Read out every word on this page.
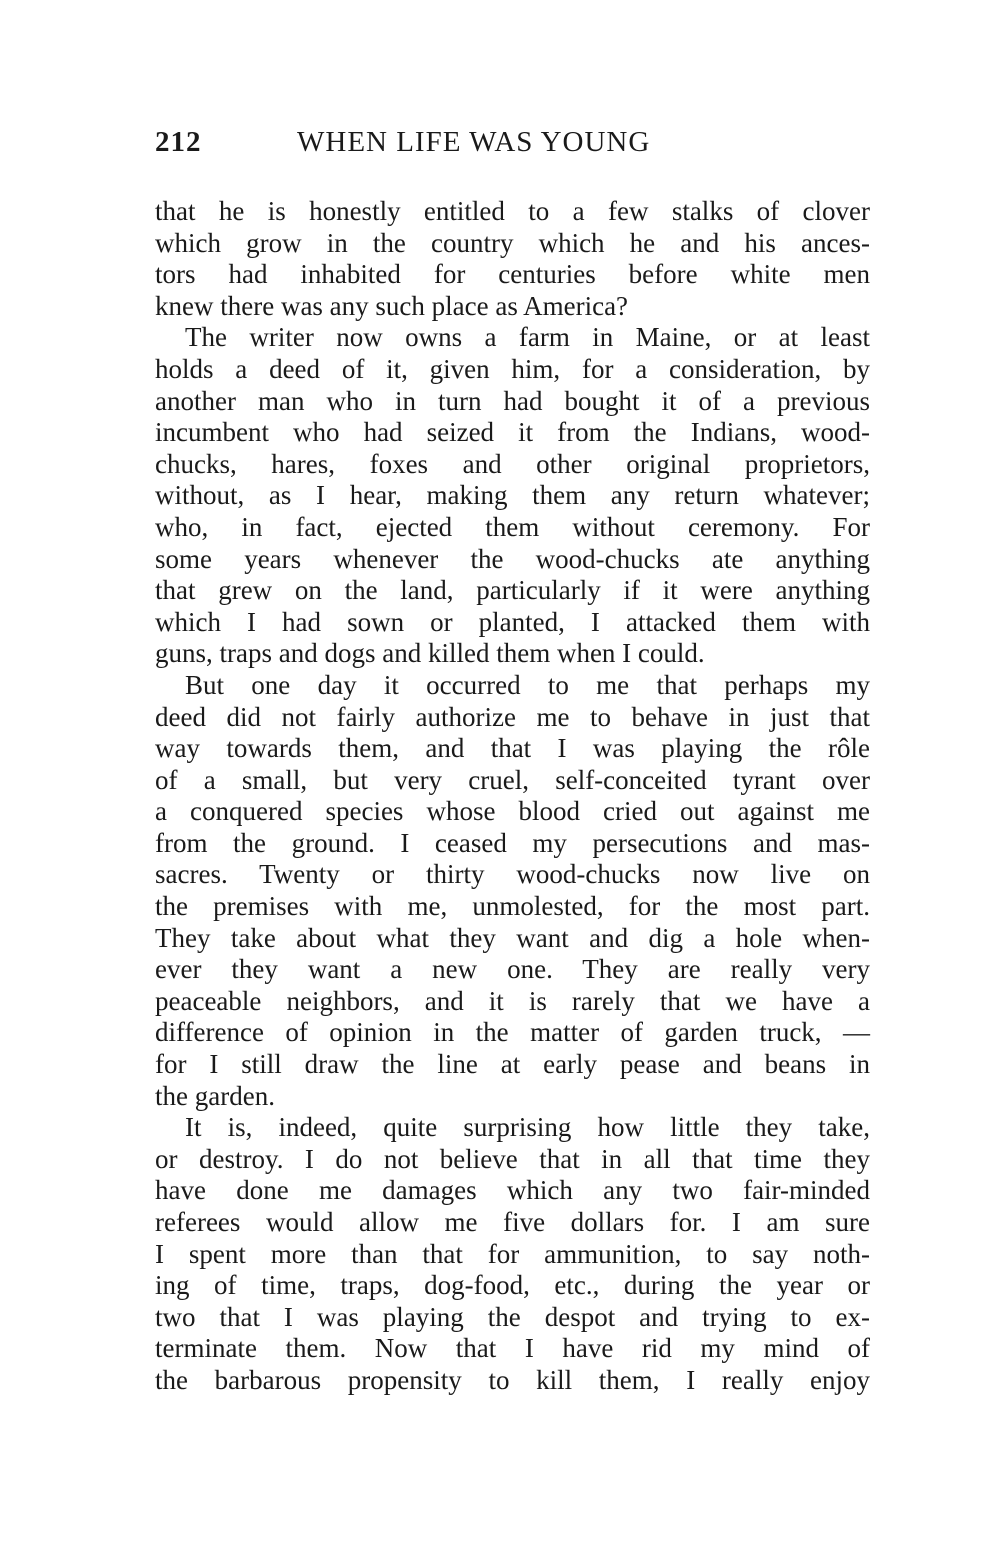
212	WHEN LIFE WAS YOUNG
that he is honestly entitled to a few stalks of clover
which grow in the country which he and his ances-
tors had inhabited for centuries before white men
knew there was any such place as America?
The writer now owns a farm in Maine, or at least
holds a deed of it, given him, for a consideration, by
another man who in turn had bought it of a previous
incumbent who had seized it from the Indians, wood-
chucks, hares, foxes and other original proprietors,
without, as I hear, making them any return whatever;
who, in fact, ejected them without ceremony. For
some years whenever the wood-chucks ate anything
that grew on the land, particularly if it were anything
which I had sown or planted, I attacked them with
guns, traps and dogs and killed them when I could.
But one day it occurred to me that perhaps my
deed did not fairly authorize me to behave in just that
way towards them, and that I was playing the rôle
of a small, but very cruel, self-conceited tyrant over
a conquered species whose blood cried out against me
from the ground. I ceased my persecutions and mas-
sacres. Twenty or thirty wood-chucks now live on
the premises with me, unmolested, for the most part.
They take about what they want and dig a hole when-
ever they want a new one. They are really very
peaceable neighbors, and it is rarely that we have a
difference of opinion in the matter of garden truck, —
for I still draw the line at early pease and beans in
the garden.
It is, indeed, quite surprising how little they take,
or destroy. I do not believe that in all that time they
have done me damages which any two fair-minded
referees would allow me five dollars for. I am sure
I spent more than that for ammunition, to say noth-
ing of time, traps, dog-food, etc., during the year or
two that I was playing the despot and trying to ex-
terminate them. Now that I have rid my mind of
the barbarous propensity to kill them, I really enjoy
